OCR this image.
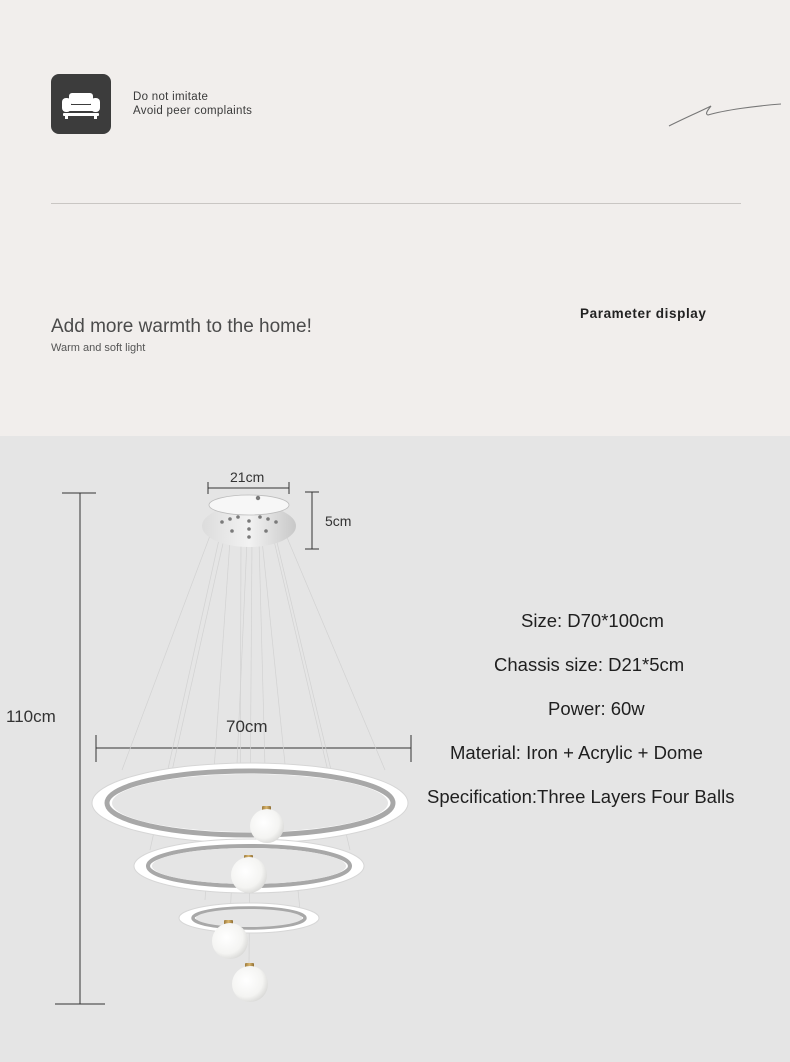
Do not imitate
Avoid peer complaints
Add more warmth to the home!
Warm and soft light
Parameter display
21cm
5cm
110cm
70cm
Size: D70*100cm
Chassis size: D21*5cm
Power: 60w
Material: Iron + Acrylic + Dome
Specification:Three Layers Four Balls
